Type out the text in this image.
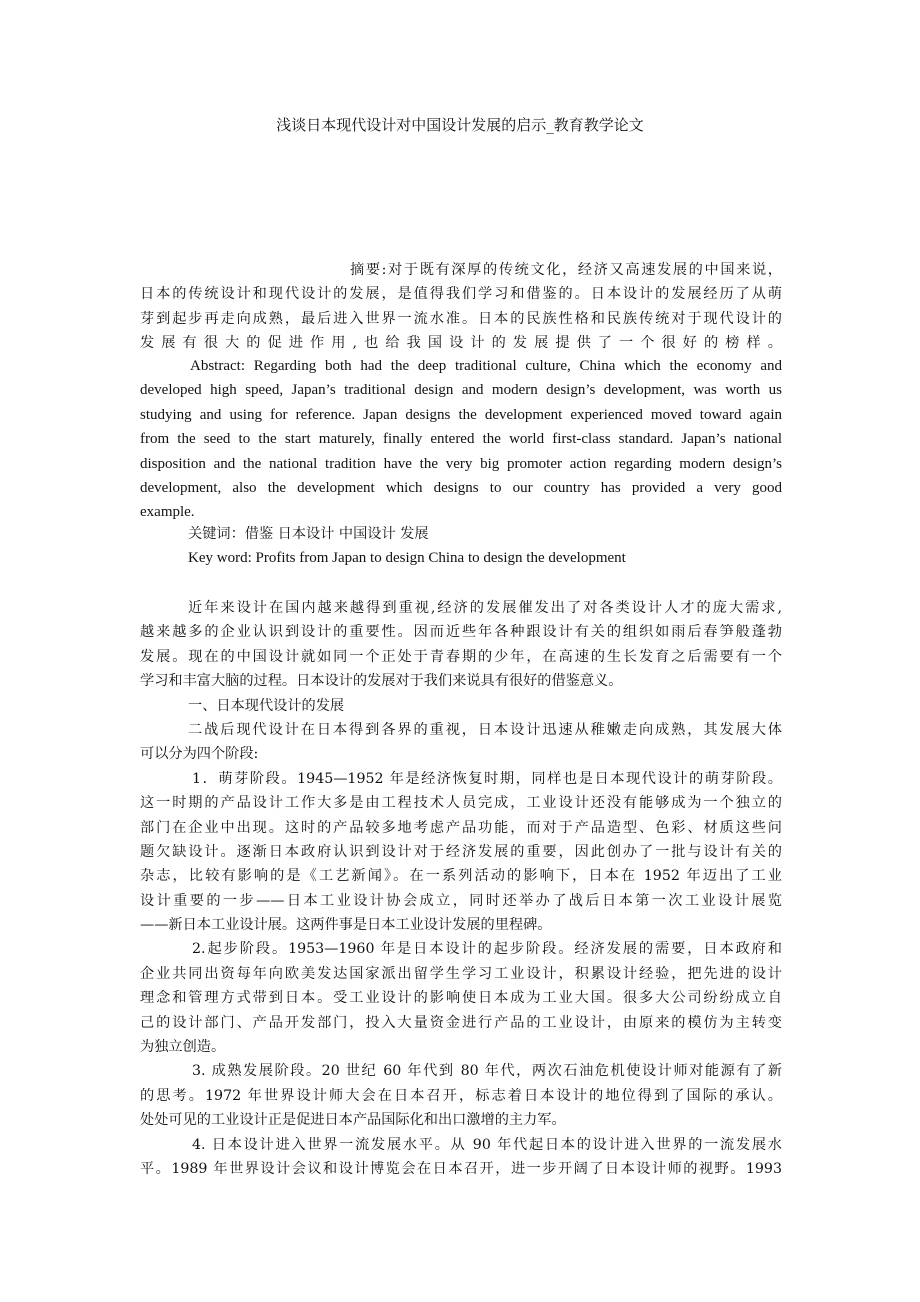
浅谈日本现代设计对中国设计发展的启示_教育教学论文
摘要:对于既有深厚的传统文化，经济又高速发展的中国来说，
日本的传统设计和现代设计的发展，是值得我们学习和借鉴的。日本设计的发展经历了从萌
芽到起步再走向成熟，最后进入世界一流水准。日本的民族性格和民族传统对于现代设计的
发展有很大的促进作用,也给我国设计的发展提供了一个很好的榜样。
Abstract: Regarding both had the deep traditional culture, China which the economy and
developed high speed, Japan’s traditional design and modern design’s development, was worth us
studying and using for reference. Japan designs the development experienced moved toward again
from the seed to the start maturely, finally entered the world first-class standard. Japan’s national
disposition and the national tradition have the very big promoter action regarding modern design’s
development, also the development which designs to our country has provided a very good
example.
关键词：借鉴 日本设计 中国设计 发展
Key word: Profits from Japan to design China to design the development
近年来设计在国内越来越得到重视,经济的发展催发出了对各类设计人才的庞大需求,
越来越多的企业认识到设计的重要性。因而近些年各种跟设计有关的组织如雨后春笋般蓬勃
发展。现在的中国设计就如同一个正处于青春期的少年，在高速的生长发育之后需要有一个
学习和丰富大脑的过程。日本设计的发展对于我们来说具有很好的借鉴意义。
一、日本现代设计的发展
二战后现代设计在日本得到各界的重视，日本设计迅速从稚嫩走向成熟，其发展大体
可以分为四个阶段:
1．萌芽阶段。1945—1952 年是经济恢复时期，同样也是日本现代设计的萌芽阶段。
这一时期的产品设计工作大多是由工程技术人员完成，工业设计还没有能够成为一个独立的
部门在企业中出现。这时的产品较多地考虑产品功能，而对于产品造型、色彩、材质这些问
题欠缺设计。逐渐日本政府认识到设计对于经济发展的重要，因此创办了一批与设计有关的
杂志，比较有影响的是《工艺新闻》。在一系列活动的影响下，日本在 1952 年迈出了工业
设计重要的一步——日本工业设计协会成立，同时还举办了战后日本第一次工业设计展览
——新日本工业设计展。这两件事是日本工业设计发展的里程碑。
2.起步阶段。1953—1960 年是日本设计的起步阶段。经济发展的需要，日本政府和
企业共同出资每年向欧美发达国家派出留学生学习工业设计，积累设计经验，把先进的设计
理念和管理方式带到日本。受工业设计的影响使日本成为工业大国。很多大公司纷纷成立自
己的设计部门、产品开发部门，投入大量资金进行产品的工业设计，由原来的模仿为主转变
为独立创造。
3. 成熟发展阶段。20 世纪 60 年代到 80 年代，两次石油危机使设计师对能源有了新
的思考。1972 年世界设计师大会在日本召开，标志着日本设计的地位得到了国际的承认。
处处可见的工业设计正是促进日本产品国际化和出口激增的主力军。
4. 日本设计进入世界一流发展水平。从 90 年代起日本的设计进入世界的一流发展水
平。1989 年世界设计会议和设计博览会在日本召开，进一步开阔了日本设计师的视野。1993
